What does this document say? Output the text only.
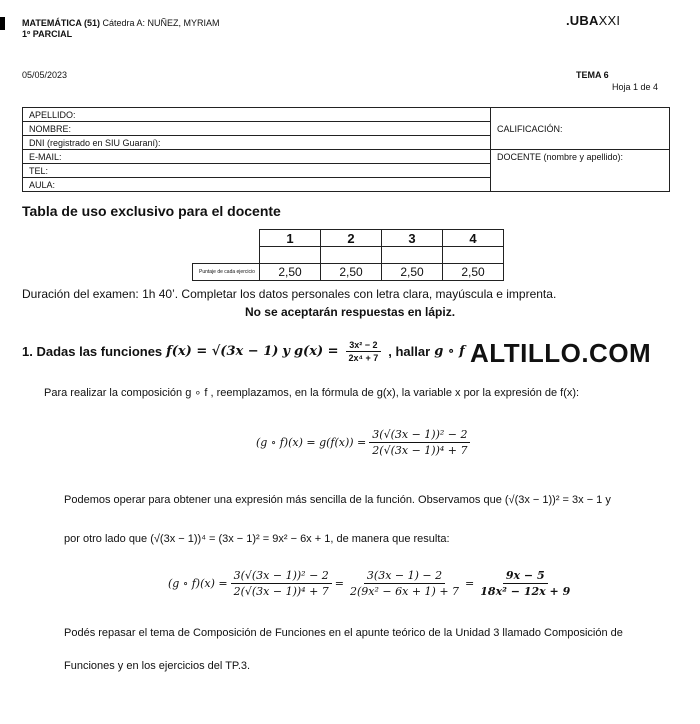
MATEMÁTICA (51) Cátedra A: NUÑEZ, MYRIAM
1º PARCIAL
.UBAXXI
05/05/2023	TEMA 6
Hoja 1 de 4
APELLIDO:	CALIFICACIÓN:
NOMBRE:	
DNI (registrado en SIU Guaraní):	
E-MAIL:	DOCENTE (nombre y apellido):
TEL:	
AULA:	
Tabla de uso exclusivo para el docente
	1	2	3	4

Puntaje de cada ejercicio	2,50	2,50	2,50	2,50
Duración del examen: 1h 40’. Completar los datos personales con letra clara, mayúscula e imprenta.
No se aceptarán respuestas en lápiz.
1. Dadas las funciones f(x) = √(3x − 1) y $g(x) = \frac{\text{3x² − 2}}{\text{2x⁴ + 7}}$ , hallar g ∘ f ALTILLO.COM
Para realizar la composición g ∘ f , reemplazamos, en la fórmula de g(x), la variable x por la expresión de f(x):
(g ∘ $f)(x) = g(f(x)) = \frac{\text{3(√(3x − 1))² − 2}}{\text{2(√(3x − 1))⁴ + 7}}$
Podemos operar para obtener una expresión más sencilla de la función. Observamos que (√(3x − 1))² = 3x − 1 y
por otro lado que (√(3x − 1))⁴ = (3x − 1)² = 9x² − 6x + 1, de manera que resulta:
(g ∘ $f)(x) = \frac{\text{3(√(3x − 1))² − 2}}{\text{2(√(3x − 1))⁴ + 7}} = \frac{3(3x - 1) - 2}{\text{2(9x² − 6x + 1) + 7}} = \frac{9x - 5}{\text{18x² − 12x + 9}}$
Podés repasar el tema de Composición de Funciones en el apunte teórico de la Unidad 3 llamado Composición de
Funciones y en los ejercicios del TP.3.
